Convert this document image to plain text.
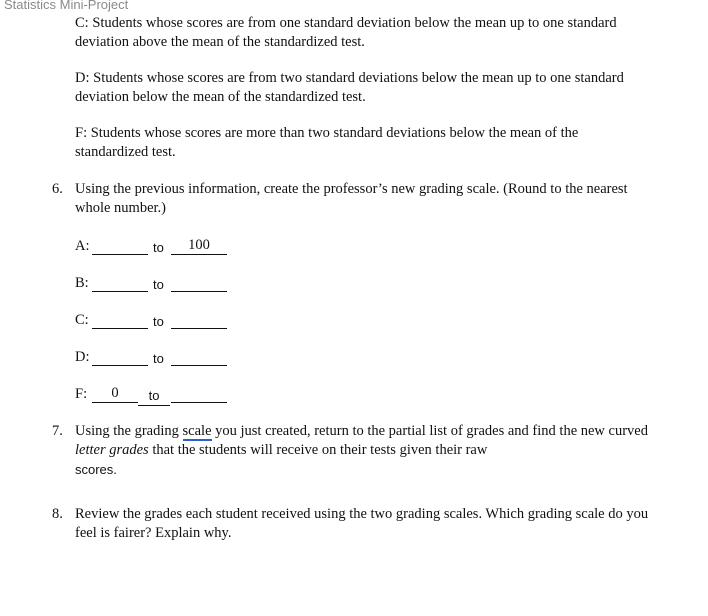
Statistics Mini-Project
C: Students whose scores are from one standard deviation below the mean up to one standard deviation above the mean of the standardized test.
D: Students whose scores are from two standard deviations below the mean up to one standard deviation below the mean of the standardized test.
F: Students whose scores are more than two standard deviations below the mean of the standardized test.
6. Using the previous information, create the professor’s new grading scale. (Round to the nearest whole number.)
A:	to	100
B:	to
C:	to
D:	to
F:	0	to
7. Using the grading scale you just created, return to the partial list of grades and find the new curved letter grades that the students will receive on their tests given their raw
scores.
8. Review the grades each student received using the two grading scales. Which grading scale do you feel is fairer? Explain why.
